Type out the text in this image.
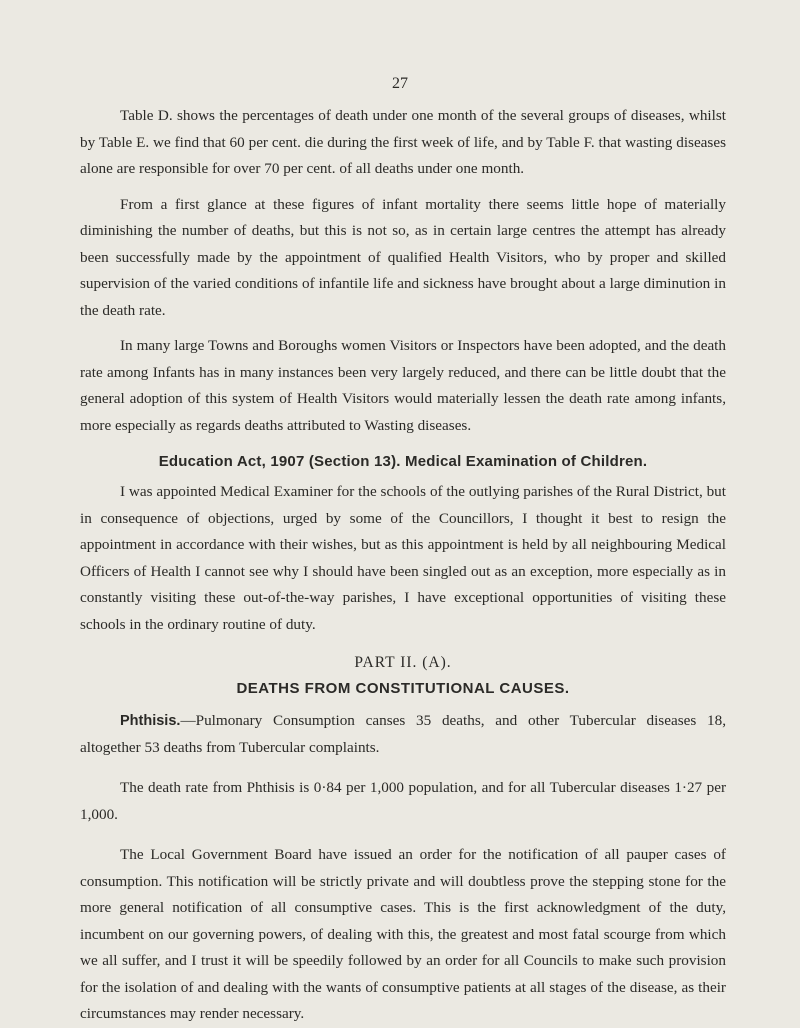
27

Table D. shows the percentages of death under one month of the several groups of diseases, whilst by Table E. we find that 60 per cent. die during the first week of life, and by Table F. that wasting diseases alone are responsible for over 70 per cent. of all deaths under one month.

From a first glance at these figures of infant mortality there seems little hope of materially diminishing the number of deaths, but this is not so, as in certain large centres the attempt has already been successfully made by the appointment of qualified Health Visitors, who by proper and skilled supervision of the varied conditions of infantile life and sickness have brought about a large diminution in the death rate.

In many large Towns and Boroughs women Visitors or Inspectors have been adopted, and the death rate among Infants has in many instances been very largely reduced, and there can be little doubt that the general adoption of this system of Health Visitors would materially lessen the death rate among infants, more especially as regards deaths attributed to Wasting diseases.

Education Act, 1907 (Section 13). Medical Examination of Children.

I was appointed Medical Examiner for the schools of the outlying parishes of the Rural District, but in consequence of objections, urged by some of the Councillors, I thought it best to resign the appointment in accordance with their wishes, but as this appointment is held by all neighbouring Medical Officers of Health I cannot see why I should have been singled out as an exception, more especially as in constantly visiting these out-of-the-way parishes, I have exceptional opportunities of visiting these schools in the ordinary routine of duty.

PART II. (A).
DEATHS FROM CONSTITUTIONAL CAUSES.

Phthisis.—Pulmonary Consumption canses 35 deaths, and other Tubercular diseases 18, altogether 53 deaths from Tubercular complaints.

The death rate from Phthisis is 0·84 per 1,000 population, and for all Tubercular diseases 1·27 per 1,000.

The Local Government Board have issued an order for the notification of all pauper cases of consumption. This notification will be strictly private and will doubtless prove the stepping stone for the more general notification of all consumptive cases. This is the first acknowledgment of the duty, incumbent on our governing powers, of dealing with this, the greatest and most fatal scourge from which we all suffer, and I trust it will be speedily followed by an order for all Councils to make such provision for the isolation of and dealing with the wants of consumptive patients at all stages of the disease, as their circumstances may render necessary.
